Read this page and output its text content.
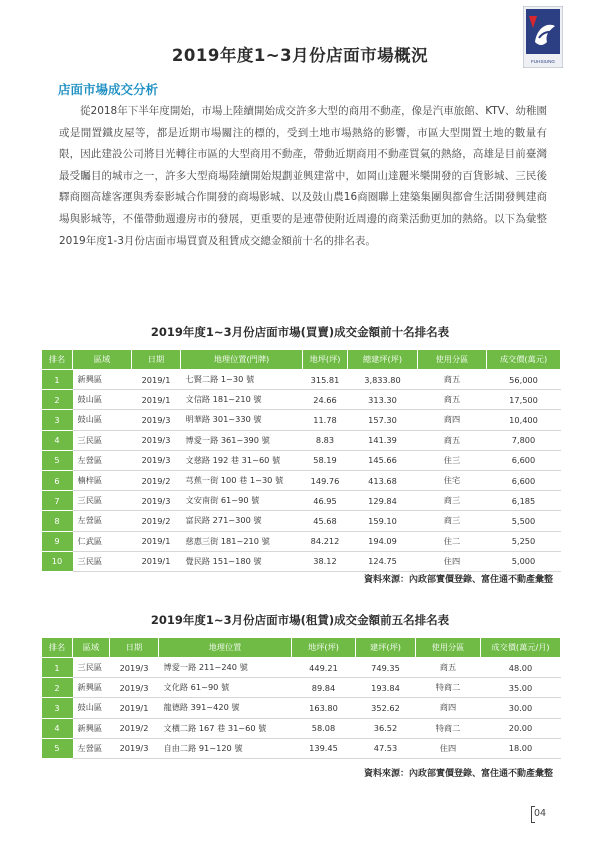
FUHSIUNG
2019年度1~3月份店面市場概況
店面市場成交分析

從2018年下半年度開始，市場上陸續開始成交許多大型的商用不動產，像是汽車旅館、KTV、幼稚園或是閒置鐵皮屋等，都是近期市場關注的標的，受到土地市場熱絡的影響，市區大型閒置土地的數量有限，因此建設公司將目光轉往市區的大型商用不動產，帶動近期商用不動產買氣的熱絡，高雄是目前臺灣最受矚目的城市之一，許多大型商場陸續開始規劃並興建當中，如岡山達麗米樂開發的百貨影城、三民後驛商圈高雄客運與秀泰影城合作開發的商場影城、以及鼓山農16商圈聯上建築集團與都會生活開發興建商場與影城等，不僅帶動週邊房市的發展，更重要的是連帶使附近周邊的商業活動更加的熱絡。以下為彙整2019年度1-3月份店面市場買賣及租賃成交總金額前十名的排名表。

2019年度1~3月份店面市場(買賣)成交金額前十名排名表
排名	區域	日期	地理位置(門牌)	地坪(坪)	總建坪(坪)	使用分區	成交價(萬元)
1	新興區	2019/1	七賢二路 1~30 號	315.81	3,833.80	商五	56,000
2	鼓山區	2019/1	文信路 181~210 號	24.66	313.30	商五	17,500
3	鼓山區	2019/3	明華路 301~330 號	11.78	157.30	商四	10,400
4	三民區	2019/3	博愛一路 361~390 號	8.83	141.39	商五	7,800
5	左營區	2019/3	文慈路 192 巷 31~60 號	58.19	145.66	住三	6,600
6	楠梓區	2019/2	芎蕉一街 100 巷 1~30 號	149.76	413.68	住宅	6,600
7	三民區	2019/3	文安南街 61~90 號	46.95	129.84	商三	6,185
8	左營區	2019/2	富民路 271~300 號	45.68	159.10	商三	5,500
9	仁武區	2019/1	慈惠三街 181~210 號	84.212	194.09	住二	5,250
10	三民區	2019/1	覺民路 151~180 號	38.12	124.75	住四	5,000
資料來源：內政部實價登錄、富住通不動產彙整
2019年度1~3月份店面市場(租賃)成交金額前五名排名表
排名	區域	日期	地理位置	地坪(坪)	建坪(坪)	使用分區	成交價(萬元/月)
1	三民區	2019/3	博愛一路 211~240 號	449.21	749.35	商五	48.00
2	新興區	2019/3	文化路 61~90 號	89.84	193.84	特商二	35.00
3	鼓山區	2019/1	龍德路 391~420 號	163.80	352.62	商四	30.00
4	新興區	2019/2	文橫二路 167 巷 31~60 號	58.08	36.52	特商二	20.00
5	左營區	2019/3	自由二路 91~120 號	139.45	47.53	住四	18.00
資料來源：內政部實價登錄、富住通不動產彙整
04
